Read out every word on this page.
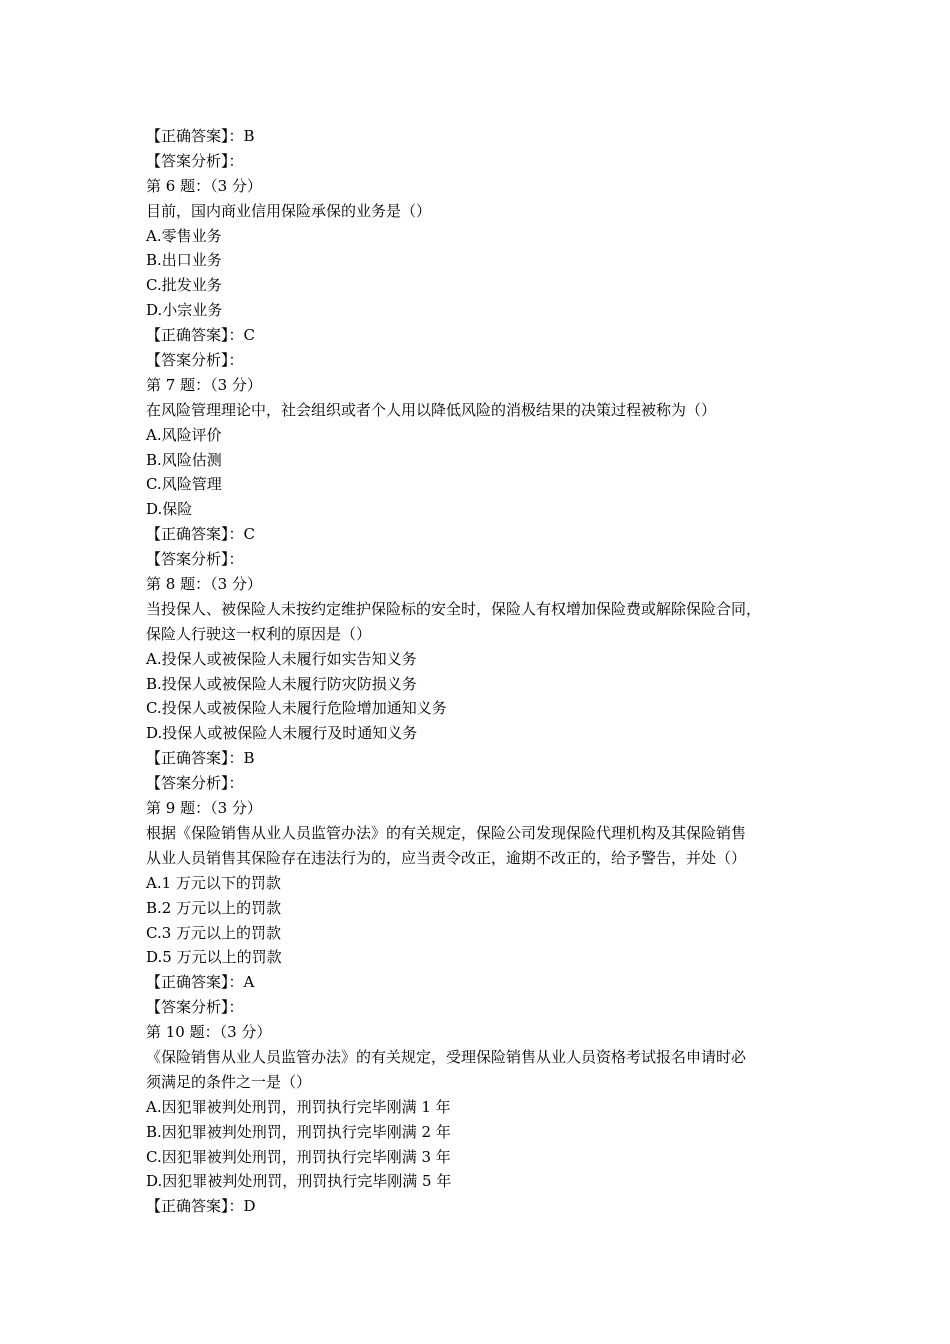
【正确答案】：B
【答案分析】：
第 6 题：（3 分）
目前，国内商业信用保险承保的业务是（）
A.零售业务
B.出口业务
C.批发业务
D.小宗业务
【正确答案】：C
【答案分析】：
第 7 题：（3 分）
在风险管理理论中，社会组织或者个人用以降低风险的消极结果的决策过程被称为（）
A.风险评价
B.风险估测
C.风险管理
D.保险
【正确答案】：C
【答案分析】：
第 8 题：（3 分）
当投保人、被保险人未按约定维护保险标的安全时，保险人有权增加保险费或解除保险合同，
保险人行驶这一权利的原因是（）
A.投保人或被保险人未履行如实告知义务
B.投保人或被保险人未履行防灾防损义务
C.投保人或被保险人未履行危险增加通知义务
D.投保人或被保险人未履行及时通知义务
【正确答案】：B
【答案分析】：
第 9 题：（3 分）
根据《保险销售从业人员监管办法》的有关规定，保险公司发现保险代理机构及其保险销售
从业人员销售其保险存在违法行为的，应当责令改正，逾期不改正的，给予警告，并处（）
A.1 万元以下的罚款
B.2 万元以上的罚款
C.3 万元以上的罚款
D.5 万元以上的罚款
【正确答案】：A
【答案分析】：
第 10 题：（3 分）
《保险销售从业人员监管办法》的有关规定，受理保险销售从业人员资格考试报名申请时必
须满足的条件之一是（）
A.因犯罪被判处刑罚，刑罚执行完毕刚满 1 年
B.因犯罪被判处刑罚，刑罚执行完毕刚满 2 年
C.因犯罪被判处刑罚，刑罚执行完毕刚满 3 年
D.因犯罪被判处刑罚，刑罚执行完毕刚满 5 年
【正确答案】：D
